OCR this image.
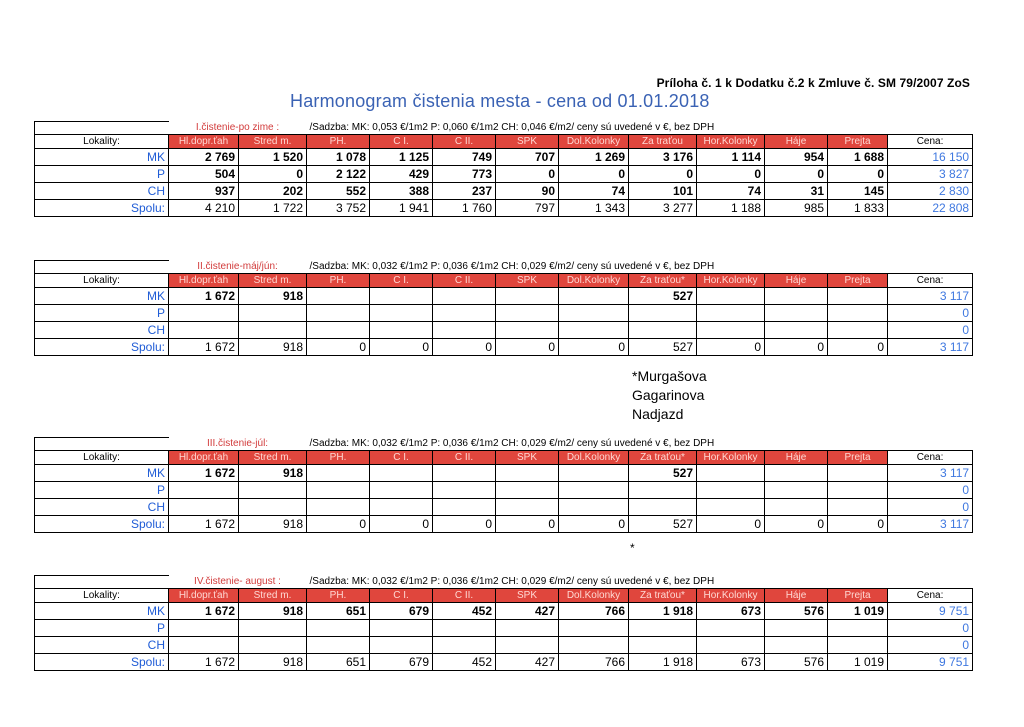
Príloha č. 1 k Dodatku č.2 k Zmluve č. SM 79/2007 ZoS
Harmonogram čistenia mesta - cena od 01.01.2018
	I.čistenie-po zime :		/Sadzba: MK: 0,053 €/1m2 P: 0,060 €/1m2 CH: 0,046 €/m2/ ceny sú uvedené v €, bez DPH									
Lokality:	Hl.dopr.ťah	Stred m.	PH.	C I.	C II.	SPK	Dol.Kolonky	Za traťou	Hor.Kolonky	Háje	Prejta	Cena:
MK	2 769	1 520	1 078	1 125	749	707	1 269	3 176	1 114	954	1 688	16 150
P	504	0	2 122	429	773	0	0	0	0	0	0	3 827
CH	937	202	552	388	237	90	74	101	74	31	145	2 830
Spolu:	4 210	1 722	3 752	1 941	1 760	797	1 343	3 277	1 188	985	1 833	22 808
	II.čistenie-máj/jún:		/Sadzba: MK: 0,032 €/1m2 P: 0,036 €/1m2 CH: 0,029 €/m2/ ceny sú uvedené v €, bez DPH									
Lokality:	Hl.dopr.ťah	Stred m.	PH.	C I.	C II.	SPK	Dol.Kolonky	Za traťou*	Hor.Kolonky	Háje	Prejta	Cena:
MK	1 672	918						527				3 117
P												0
CH												0
Spolu:	1 672	918	0	0	0	0	0	527	0	0	0	3 117
	III.čistenie-júl:		/Sadzba: MK: 0,032 €/1m2 P: 0,036 €/1m2 CH: 0,029 €/m2/ ceny sú uvedené v €, bez DPH									
Lokality:	Hl.dopr.ťah	Stred m.	PH.	C I.	C II.	SPK	Dol.Kolonky	Za traťou*	Hor.Kolonky	Háje	Prejta	Cena:
MK	1 672	918						527				3 117
P												0
CH												0
Spolu:	1 672	918	0	0	0	0	0	527	0	0	0	3 117
	IV.čistenie- august :		/Sadzba: MK: 0,032 €/1m2 P: 0,036 €/1m2 CH: 0,029 €/m2/ ceny sú uvedené v €, bez DPH									
Lokality:	Hl.dopr.ťah	Stred m.	PH.	C I.	C II.	SPK	Dol.Kolonky	Za traťou*	Hor.Kolonky	Háje	Prejta	Cena:
MK	1 672	918	651	679	452	427	766	1 918	673	576	1 019	9 751
P												0
CH												0
Spolu:	1 672	918	651	679	452	427	766	1 918	673	576	1 019	9 751
*Murgašova
Gagarinova
Nadjazd
*
